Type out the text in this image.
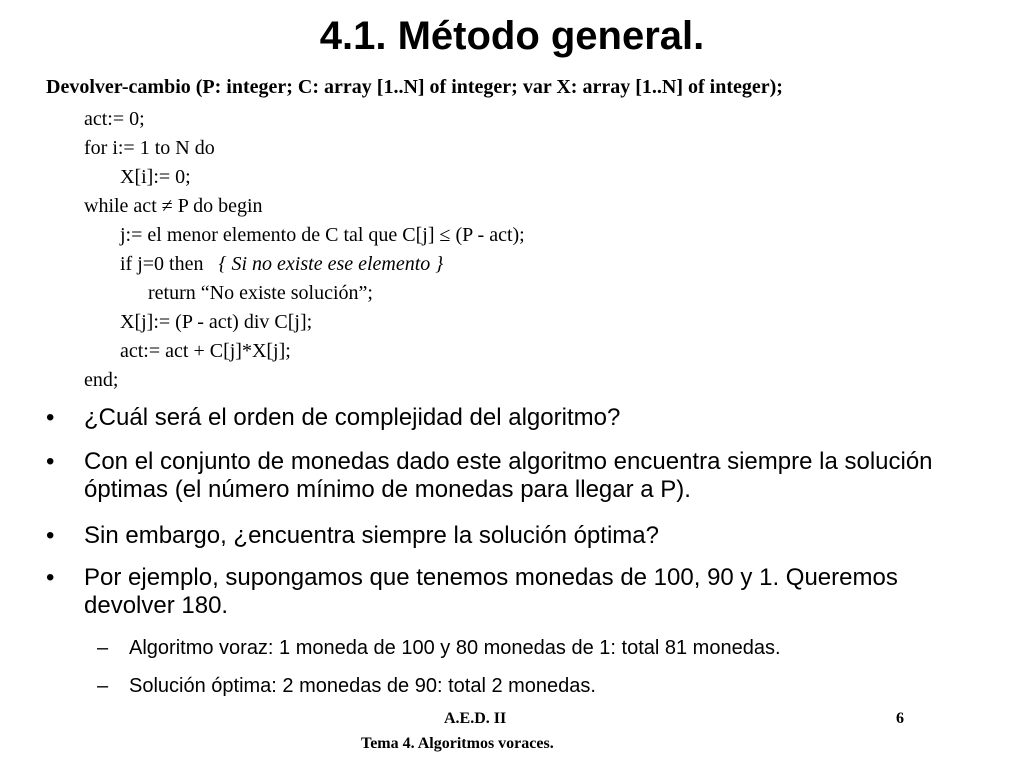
4.1. Método general.
Devolver-cambio (P: integer; C: array [1..N] of integer; var X: array [1..N] of integer);
act:= 0;
for i:= 1 to N do
X[i]:= 0;
while act ≠ P do begin
j:= el menor elemento de C tal que C[j] ≤ (P - act);
if j=0 then { Si no existe ese elemento }
return “No existe solución”;
X[j]:= (P - act) div C[j];
act:= act + C[j]*X[j];
end;
•	¿Cuál será el orden de complejidad del algoritmo?
•	Con el conjunto de monedas dado este algoritmo encuentra siempre la solución óptimas (el número mínimo de monedas para llegar a P).
•	Sin embargo, ¿encuentra siempre la solución óptima?
•	Por ejemplo, supongamos que tenemos monedas de 100, 90 y 1. Queremos devolver 180.
– Algoritmo voraz: 1 moneda de 100 y 80 monedas de 1: total 81 monedas.
– Solución óptima: 2 monedas de 90: total 2 monedas.
A.E.D. II	6
Tema 4. Algoritmos voraces.
